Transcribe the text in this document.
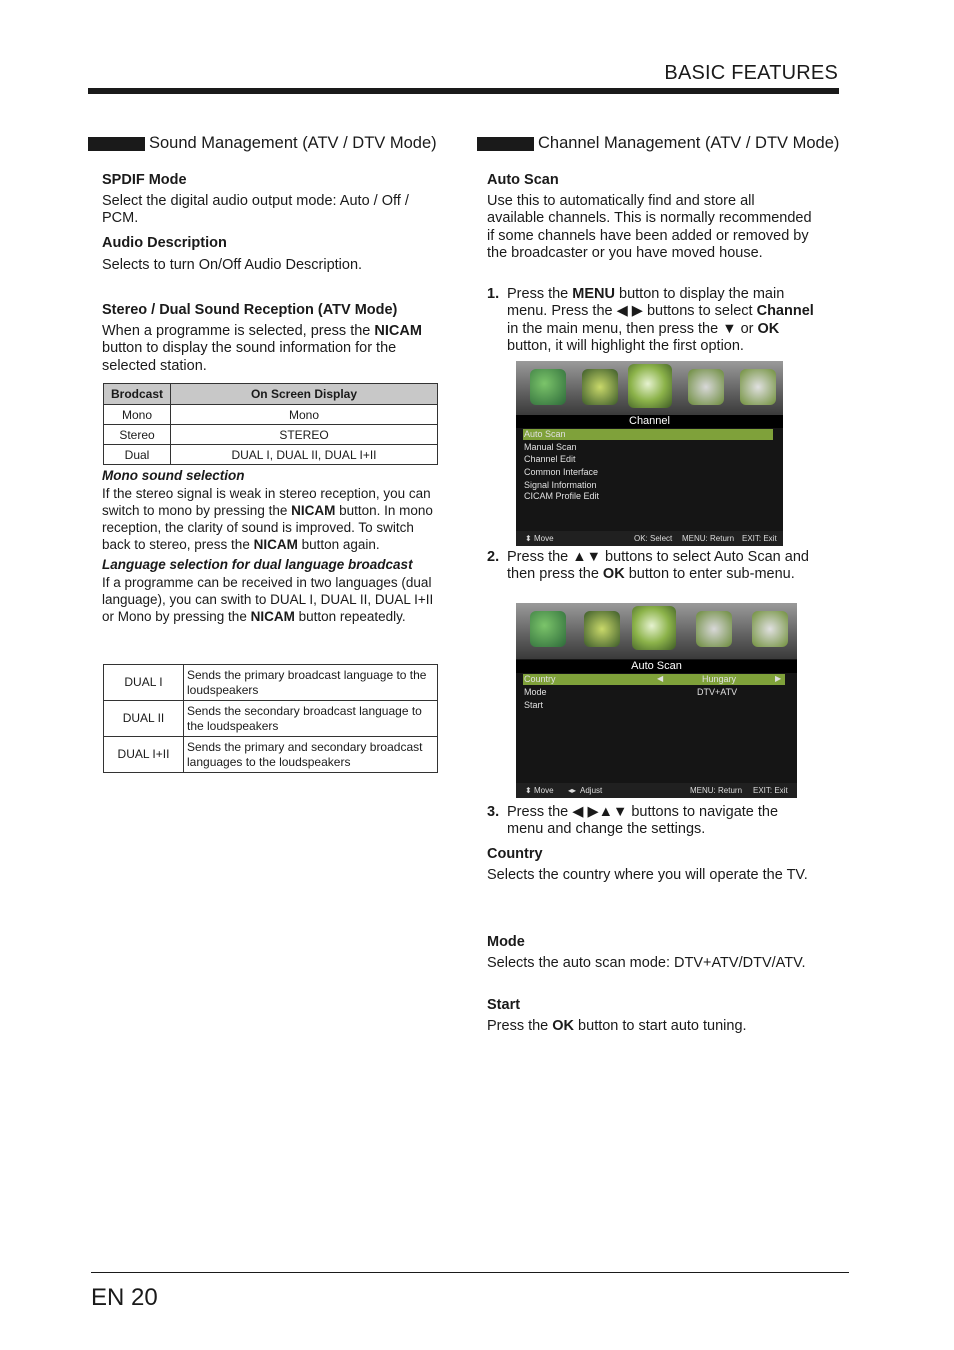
BASIC FEATURES
Sound Management (ATV / DTV Mode)
SPDIF Mode
Select the digital audio output mode: Auto / Off / PCM.
Audio Description
Selects to turn On/Off Audio Description.
Stereo / Dual Sound Reception (ATV Mode)
When a programme is selected, press the NICAM button to display the sound information for the selected station.
Brodcast	On Screen Display
Mono	Mono
Stereo	STEREO
Dual	DUAL I, DUAL II, DUAL I+II
Mono sound selection
If the stereo signal is weak in stereo reception, you can switch to mono by pressing the NICAM button. In mono reception, the clarity of sound is improved. To switch back to stereo, press the NICAM button again.
Language selection for dual language broadcast
If a programme can be received in two languages (dual language), you can swith to DUAL I, DUAL II, DUAL I+II or Mono by pressing the NICAM button repeatedly.
DUAL I	Sends the primary broadcast language to the loudspeakers
DUAL II	Sends the secondary broadcast language to the loudspeakers
DUAL I+II	Sends the primary and secondary broadcast languages to the loudspeakers
Channel Management (ATV / DTV Mode)
Auto Scan
Use this to automatically find and store all available channels. This is normally recommended if some channels have been added or removed by the broadcaster or you have moved house.
1. Press the MENU button to display the main menu. Press the ◀ ▶ buttons to select Channel in the main menu, then press the ▼ or OK button, it will highlight the first option.
Channel
Auto Scan
Manual Scan
Channel Edit
Common Interface
Signal Information
CICAM Profile Edit
⬍ Move	OK: Select MENU: Return EXIT: Exit
2. Press the ▲▼ buttons to select Auto Scan and then press the OK button to enter sub-menu.
Auto Scan
Country	◀	Hungary	▶
Mode	DTV+ATV
Start
⬍ Move ◂▸ Adjust	MENU: Return EXIT: Exit
3. Press the ◀ ▶▲▼ buttons to navigate the menu and change the settings.
Country
Selects the country where you will operate the TV.
Mode
Selects the auto scan mode: DTV+ATV/DTV/ATV.
Start
Press the OK button to start auto tuning.
EN 20
